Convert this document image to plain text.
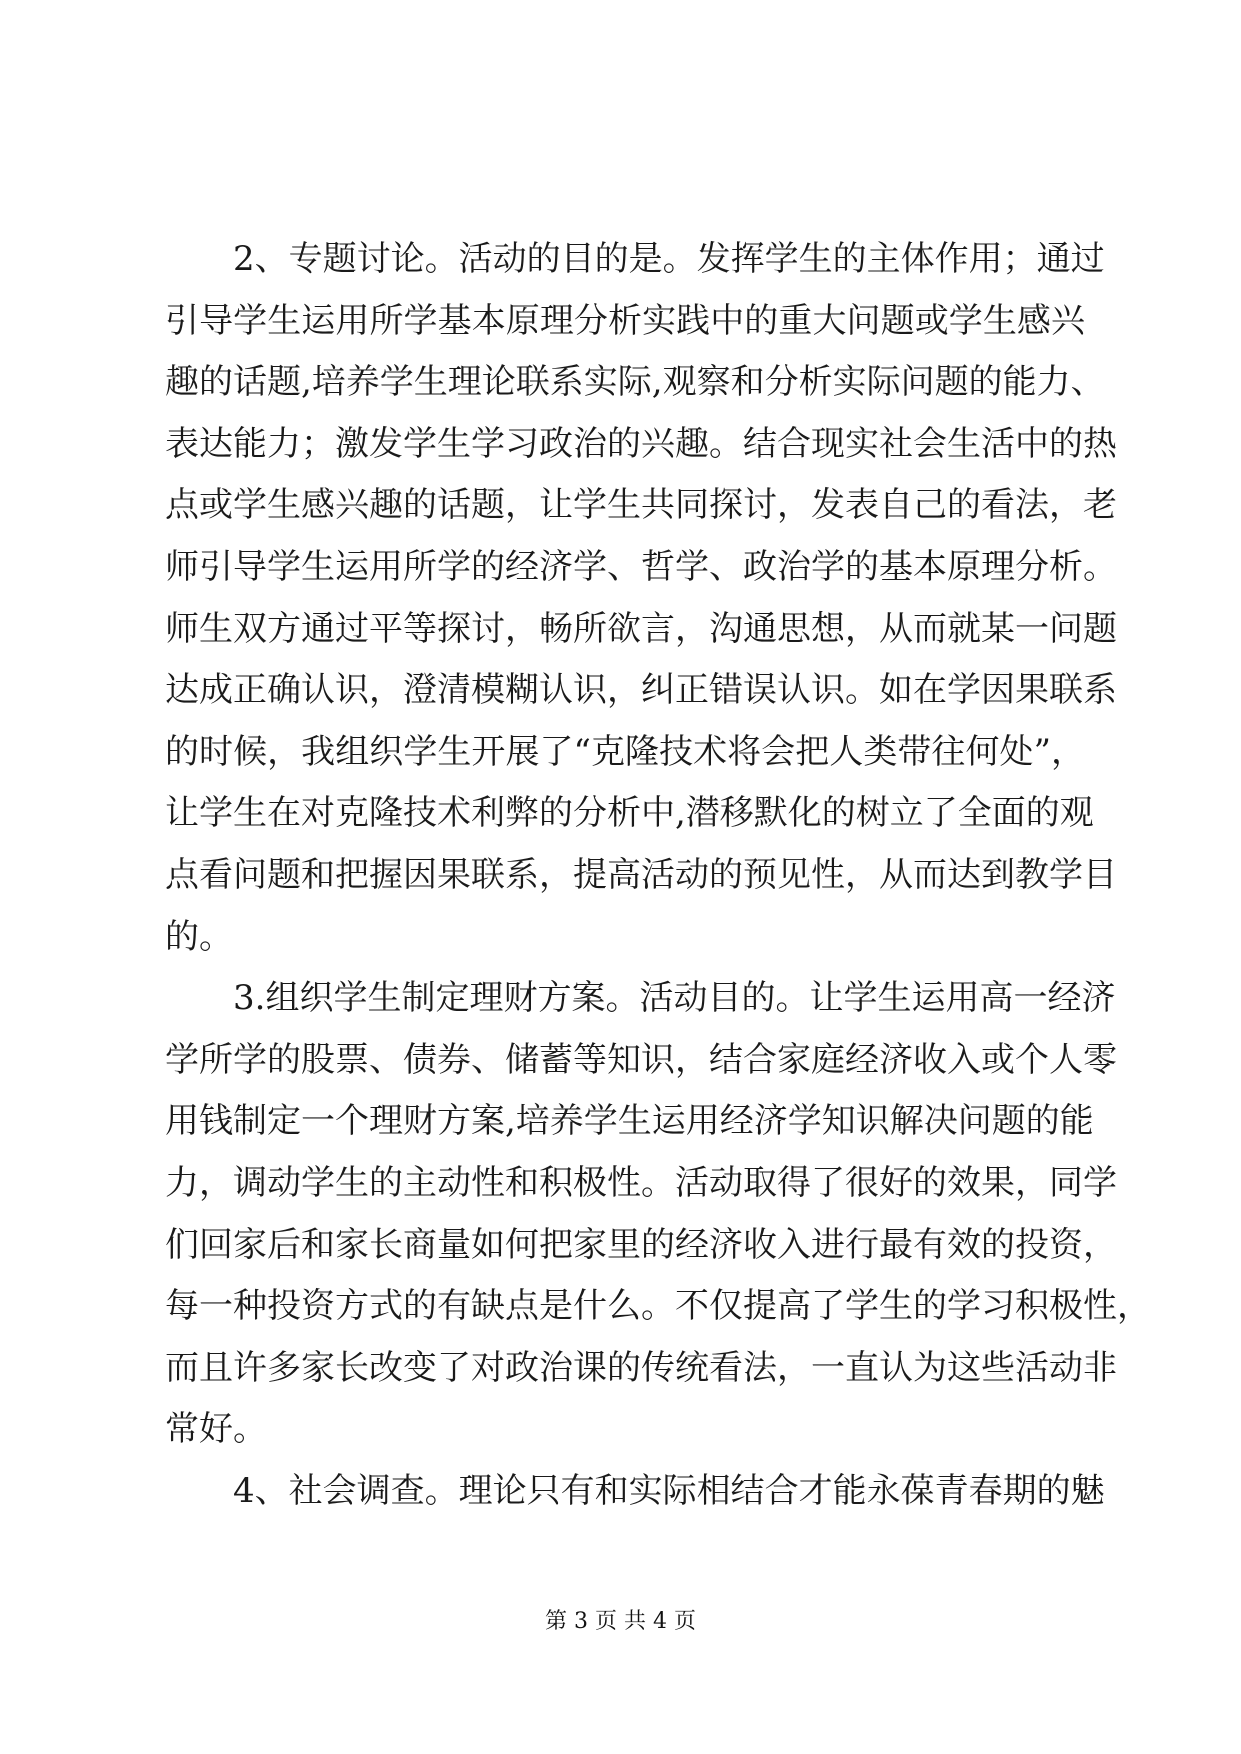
2、专题讨论。活动的目的是。发挥学生的主体作用；通过
引导学生运用所学基本原理分析实践中的重大问题或学生感兴
趣的话题,培养学生理论联系实际,观察和分析实际问题的能力、
表达能力；激发学生学习政治的兴趣。结合现实社会生活中的热
点或学生感兴趣的话题，让学生共同探讨，发表自己的看法，老
师引导学生运用所学的经济学、哲学、政治学的基本原理分析。
师生双方通过平等探讨，畅所欲言，沟通思想，从而就某一问题
达成正确认识，澄清模糊认识，纠正错误认识。如在学因果联系
的时候，我组织学生开展了“克隆技术将会把人类带往何处”，
让学生在对克隆技术利弊的分析中,潜移默化的树立了全面的观
点看问题和把握因果联系，提高活动的预见性，从而达到教学目
的。
3.组织学生制定理财方案。活动目的。让学生运用高一经济
学所学的股票、债券、储蓄等知识，结合家庭经济收入或个人零
用钱制定一个理财方案,培养学生运用经济学知识解决问题的能
力，调动学生的主动性和积极性。活动取得了很好的效果，同学
们回家后和家长商量如何把家里的经济收入进行最有效的投资，
每一种投资方式的有缺点是什么。不仅提高了学生的学习积极性，
而且许多家长改变了对政治课的传统看法，一直认为这些活动非
常好。
4、社会调查。理论只有和实际相结合才能永葆青春期的魅
第 3 页 共 4 页
